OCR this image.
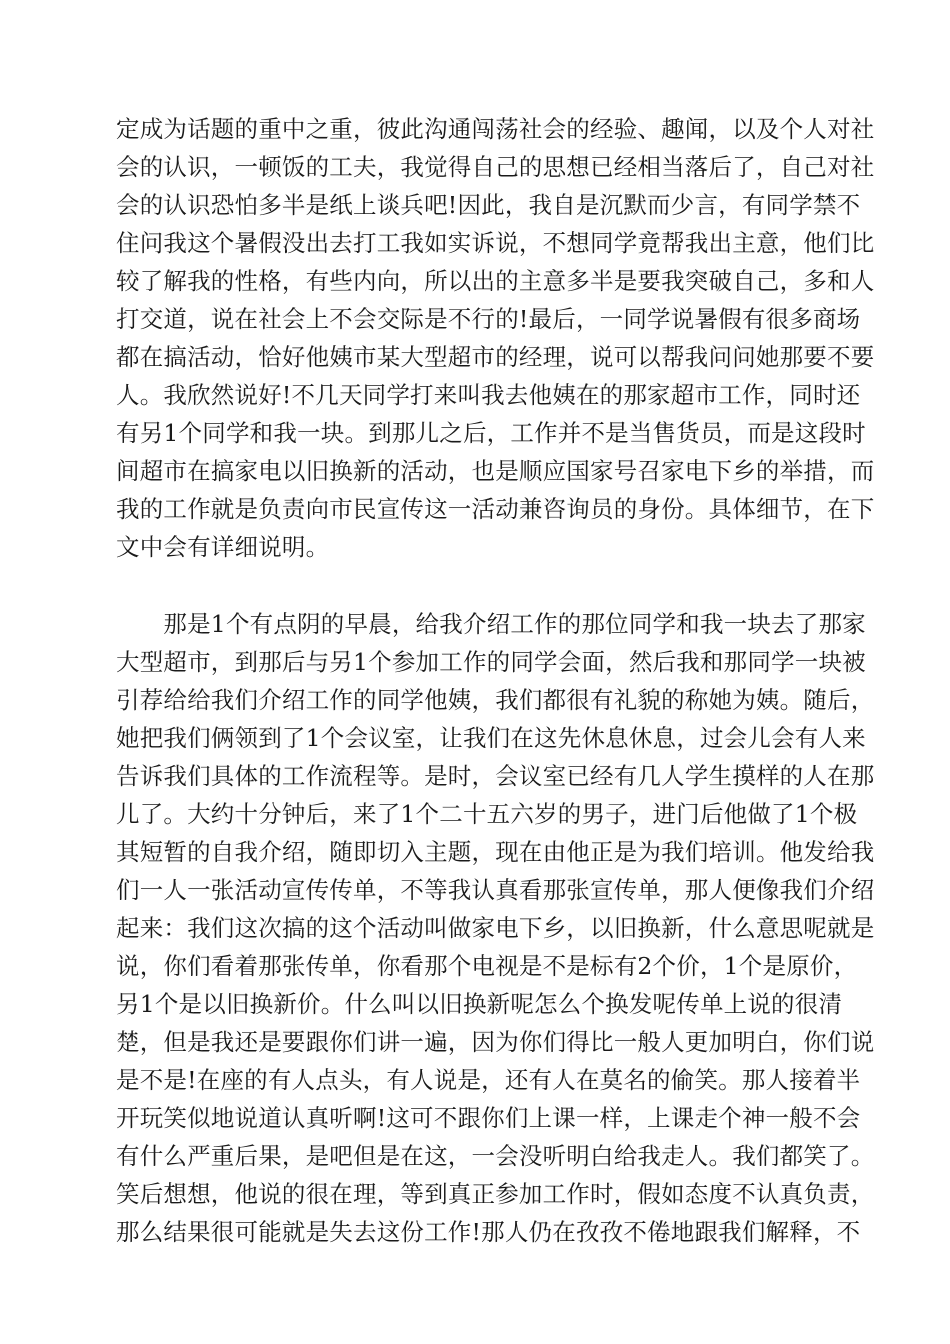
定成为话题的重中之重，彼此沟通闯荡社会的经验、趣闻，以及个人对社
会的认识，一顿饭的工夫，我觉得自己的思想已经相当落后了，自己对社
会的认识恐怕多半是纸上谈兵吧!因此，我自是沉默而少言，有同学禁不
住问我这个暑假没出去打工我如实诉说，不想同学竟帮我出主意，他们比
较了解我的性格，有些内向，所以出的主意多半是要我突破自己，多和人
打交道，说在社会上不会交际是不行的!最后，一同学说暑假有很多商场
都在搞活动，恰好他姨市某大型超市的经理，说可以帮我问问她那要不要
人。我欣然说好!不几天同学打来叫我去他姨在的那家超市工作，同时还
有另1个同学和我一块。到那儿之后，工作并不是当售货员，而是这段时
间超市在搞家电以旧换新的活动，也是顺应国家号召家电下乡的举措，而
我的工作就是负责向市民宣传这一活动兼咨询员的身份。具体细节，在下
文中会有详细说明。
　　那是1个有点阴的早晨，给我介绍工作的那位同学和我一块去了那家
大型超市，到那后与另1个参加工作的同学会面，然后我和那同学一块被
引荐给给我们介绍工作的同学他姨，我们都很有礼貌的称她为姨。随后，
她把我们俩领到了1个会议室，让我们在这先休息休息，过会儿会有人来
告诉我们具体的工作流程等。是时，会议室已经有几人学生摸样的人在那
儿了。大约十分钟后，来了1个二十五六岁的男子，进门后他做了1个极
其短暂的自我介绍，随即切入主题，现在由他正是为我们培训。他发给我
们一人一张活动宣传传单，不等我认真看那张宣传单，那人便像我们介绍
起来：我们这次搞的这个活动叫做家电下乡，以旧换新，什么意思呢就是
说，你们看着那张传单，你看那个电视是不是标有2个价，1个是原价，
另1个是以旧换新价。什么叫以旧换新呢怎么个换发呢传单上说的很清
楚，但是我还是要跟你们讲一遍，因为你们得比一般人更加明白，你们说
是不是!在座的有人点头，有人说是，还有人在莫名的偷笑。那人接着半
开玩笑似地说道认真听啊!这可不跟你们上课一样，上课走个神一般不会
有什么严重后果，是吧但是在这，一会没听明白给我走人。我们都笑了。
笑后想想，他说的很在理，等到真正参加工作时，假如态度不认真负责，
那么结果很可能就是失去这份工作!那人仍在孜孜不倦地跟我们解释，不
